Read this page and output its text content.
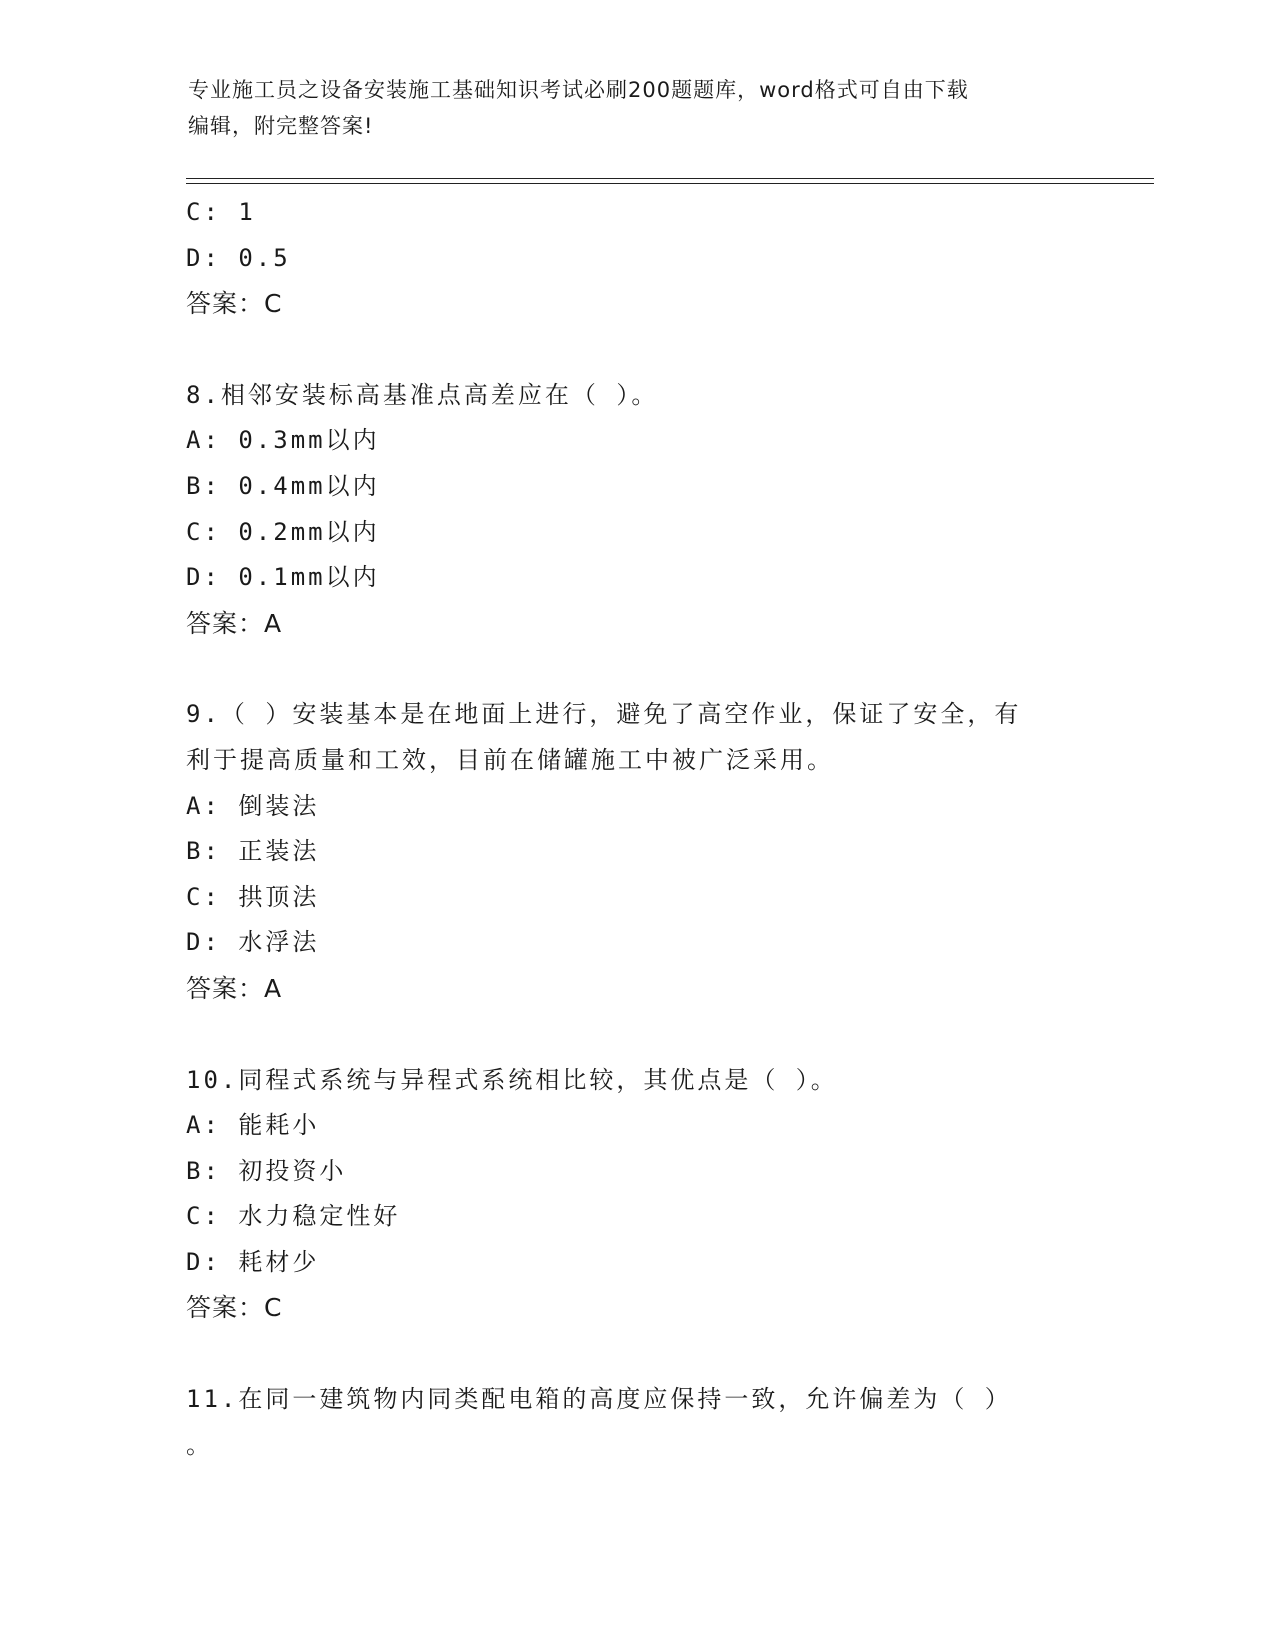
专业施工员之设备安装施工基础知识考试必刷200题题库，word格式可自由下载
编辑，附完整答案!
C: 1
D: 0.5
答案：C
8.相邻安装标高基准点高差应在（ ）。
A: 0.3mm以内
B: 0.4mm以内
C: 0.2mm以内
D: 0.1mm以内
答案：A
9.（ ）安装基本是在地面上进行，避免了高空作业，保证了安全，有
利于提高质量和工效，目前在储罐施工中被广泛采用。
A: 倒装法
B: 正装法
C: 拱顶法
D: 水浮法
答案：A
10.同程式系统与异程式系统相比较，其优点是（ ）。
A: 能耗小
B: 初投资小
C: 水力稳定性好
D: 耗材少
答案：C
11.在同一建筑物内同类配电箱的高度应保持一致，允许偏差为（ ）
。
